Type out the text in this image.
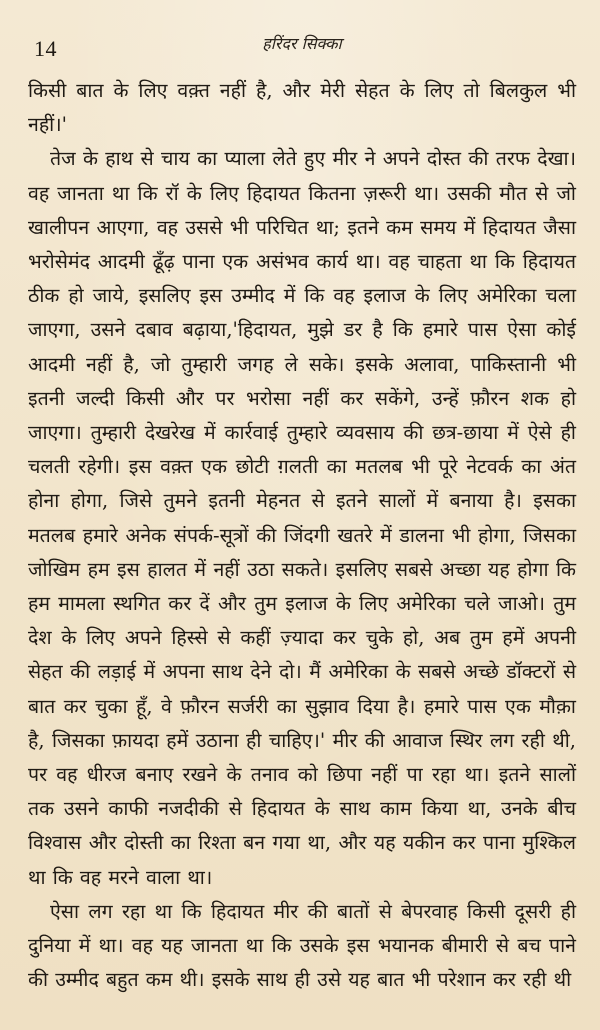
14	हरिंदर सिक्का

किसी बात के लिए वक़्त नहीं है, और मेरी सेहत के लिए तो बिलकुल भी नहीं।'

तेज के हाथ से चाय का प्याला लेते हुए मीर ने अपने दोस्त की तरफ देखा। वह जानता था कि रॉ के लिए हिदायत कितना ज़रूरी था। उसकी मौत से जो खालीपन आएगा, वह उससे भी परिचित था; इतने कम समय में हिदायत जैसा भरोसेमंद आदमी ढूँढ़ पाना एक असंभव कार्य था। वह चाहता था कि हिदायत ठीक हो जाये, इसलिए इस उम्मीद में कि वह इलाज के लिए अमेरिका चला जाएगा, उसने दबाव बढ़ाया,'हिदायत, मुझे डर है कि हमारे पास ऐसा कोई आदमी नहीं है, जो तुम्हारी जगह ले सके। इसके अलावा, पाकिस्तानी भी इतनी जल्दी किसी और पर भरोसा नहीं कर सकेंगे, उन्हें फ़ौरन शक हो जाएगा। तुम्हारी देखरेख में कार्रवाई तुम्हारे व्यवसाय की छत्र-छाया में ऐसे ही चलती रहेगी। इस वक़्त एक छोटी ग़लती का मतलब भी पूरे नेटवर्क का अंत होना होगा, जिसे तुमने इतनी मेहनत से इतने सालों में बनाया है। इसका मतलब हमारे अनेक संपर्क-सूत्रों की जिंदगी खतरे में डालना भी होगा, जिसका जोखिम हम इस हालत में नहीं उठा सकते। इसलिए सबसे अच्छा यह होगा कि हम मामला स्थगित कर दें और तुम इलाज के लिए अमेरिका चले जाओ। तुम देश के लिए अपने हिस्से से कहीं ज़्यादा कर चुके हो, अब तुम हमें अपनी सेहत की लड़ाई में अपना साथ देने दो। मैं अमेरिका के सबसे अच्छे डॉक्टरों से बात कर चुका हूँ, वे फ़ौरन सर्जरी का सुझाव दिया है। हमारे पास एक मौक़ा है, जिसका फ़ायदा हमें उठाना ही चाहिए।' मीर की आवाज स्थिर लग रही थी, पर वह धीरज बनाए रखने के तनाव को छिपा नहीं पा रहा था। इतने सालों तक उसने काफी नजदीकी से हिदायत के साथ काम किया था, उनके बीच विश्वास और दोस्ती का रिश्ता बन गया था, और यह यकीन कर पाना मुश्किल था कि वह मरने वाला था।

ऐसा लग रहा था कि हिदायत मीर की बातों से बेपरवाह किसी दूसरी ही दुनिया में था। वह यह जानता था कि उसके इस भयानक बीमारी से बच पाने की उम्मीद बहुत कम थी। इसके साथ ही उसे यह बात भी परेशान कर रही थी
